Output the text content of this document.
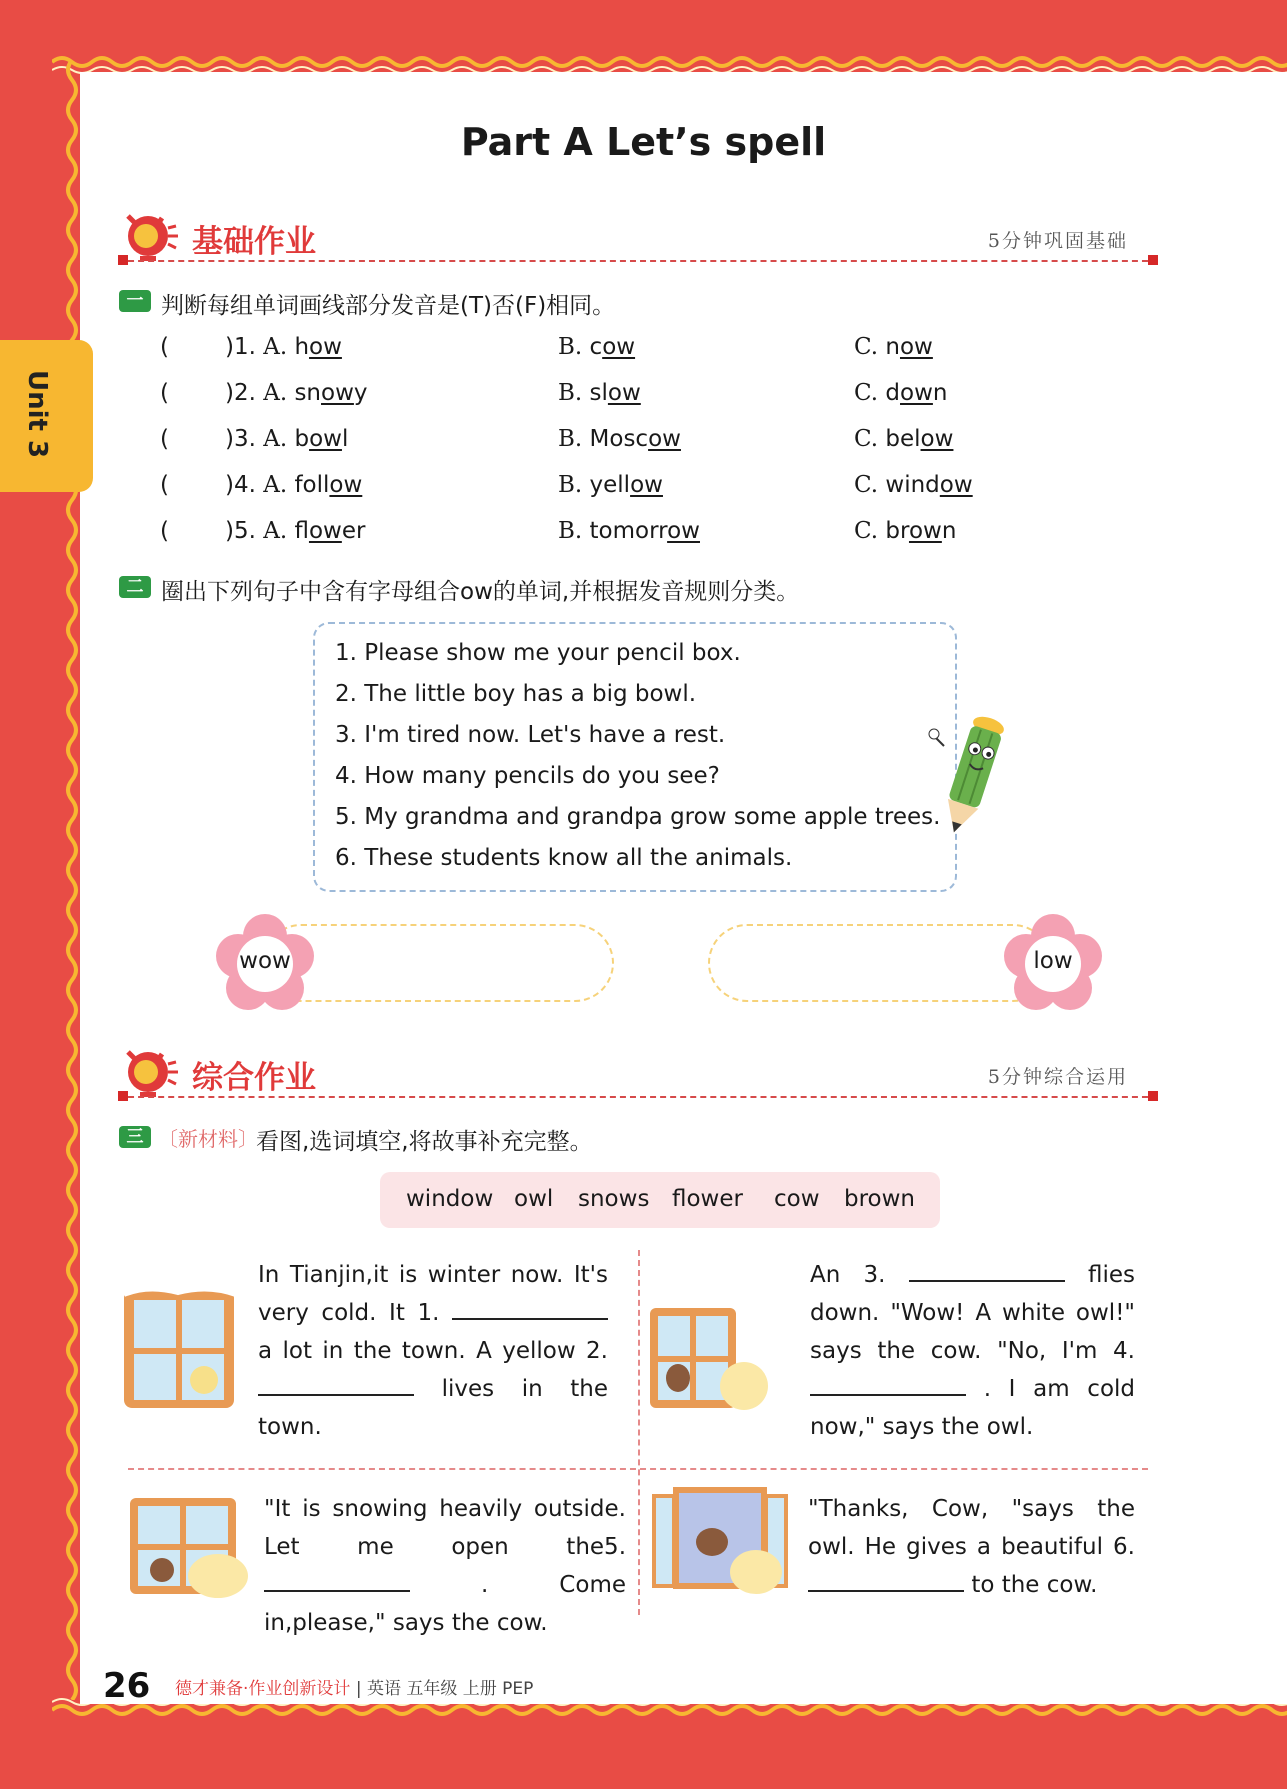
Unit 3
Part A Let’s spell
基础作业	5分钟巩固基础
一 判断每组单词画线部分发音是(T)否(F)相同。
( )1. A. how	B. cow	C. now
( )2. A. snowy	B. slow	C. down
( )3. A. bowl	B. Moscow	C. below
( )4. A. follow	B. yellow	C. window
( )5. A. flower	B. tomorrow	C. brown
二 圈出下列句子中含有字母组合ow的单词,并根据发音规则分类。
1. Please show me your pencil box.
2. The little boy has a big bowl.
3. I'm tired now. Let's have a rest.
4. How many pencils do you see?
5. My grandma and grandpa grow some apple trees.
6. These students know all the animals.
wow	low
综合作业	5分钟综合运用
三 〔新材料〕
看图,选词填空,将故事补充完整。
window owl snows flower cow brown
In Tianjin,it is winter now. It's very cold. It 1.  a lot in the town. A yellow 2.  lives in the town.
An 3.	flies down. "Wow! A white owl!" says the cow. "No, I'm 4.  . I am cold now," says the owl.
"It is snowing heavily outside. Let me open the5.  . Come in,please," says the cow.
"Thanks, Cow, "says the owl. He gives a beautiful 6.  to the cow.
26 德才兼备·作业创新设计 | 英语 五年级 上册 PEP
